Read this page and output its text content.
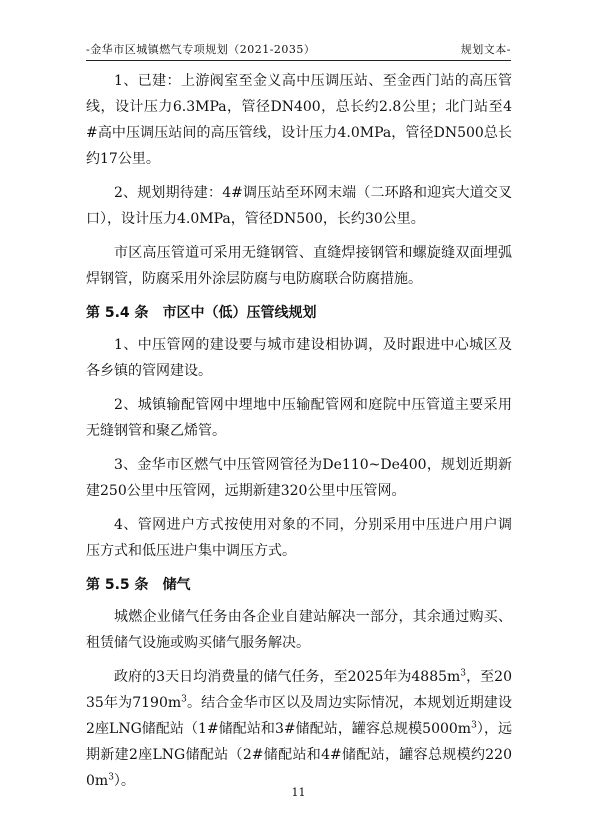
-金华市区城镇燃气专项规划（2021-2035）	规划文本-

1、已建：上游阀室至金义高中压调压站、至金西门站的高压管线，设计压力6.3MPa，管径DN400，总长约2.8公里；北门站至4#高中压调压站间的高压管线，设计压力4.0MPa，管径DN500总长约17公里。

2、规划期待建：4#调压站至环网末端（二环路和迎宾大道交叉口），设计压力4.0MPa，管径DN500，长约30公里。

市区高压管道可采用无缝钢管、直缝焊接钢管和螺旋缝双面埋弧焊钢管，防腐采用外涂层防腐与电防腐联合防腐措施。

第 5.4 条 市区中（低）压管线规划

1、中压管网的建设要与城市建设相协调，及时跟进中心城区及各乡镇的管网建设。

2、城镇输配管网中埋地中压输配管网和庭院中压管道主要采用无缝钢管和聚乙烯管。

3、金华市区燃气中压管网管径为De110~De400，规划近期新建250公里中压管网，远期新建320公里中压管网。

4、管网进户方式按使用对象的不同，分别采用中压进户用户调压方式和低压进户集中调压方式。

第 5.5 条 储气

城燃企业储气任务由各企业自建站解决一部分，其余通过购买、租赁储气设施或购买储气服务解决。

政府的3天日均消费量的储气任务，至2025年为$4885m^3$，至2035年为$7190m^3$。结合金华市区以及周边实际情况，本规划近期建设2座LNG储配站（1#储配站和3#储配站，罐容总规模$5000m^3$），远期新建2座LNG储配站（2#储配站和4#储配站，罐容总规模约$2200m^3$）。

11
